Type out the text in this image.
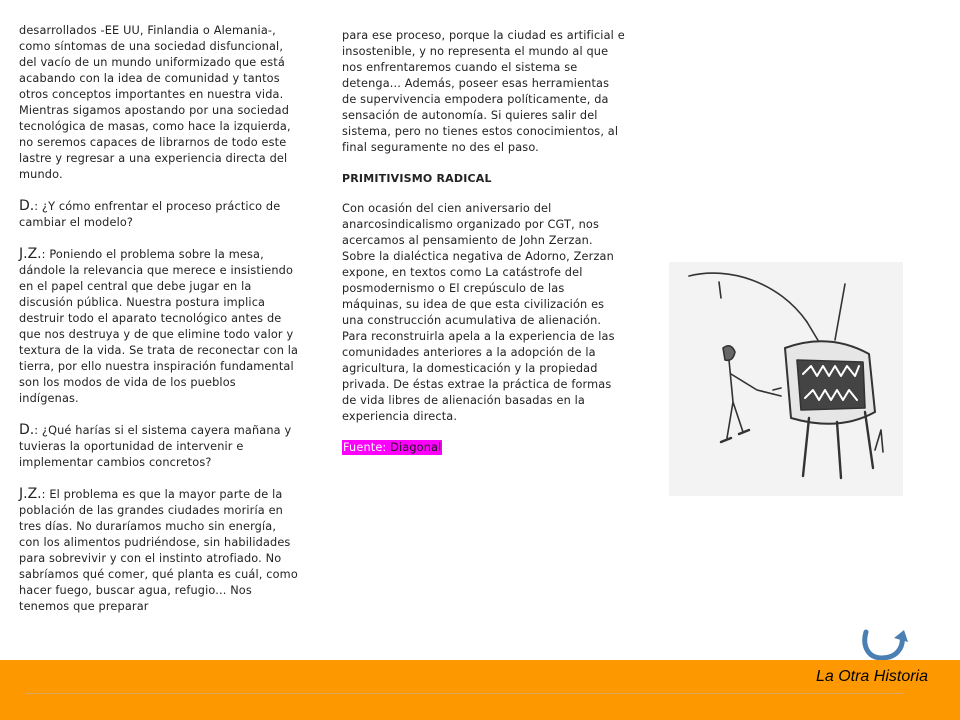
desarrollados -EE UU, Finlandia o Alemania-, como síntomas de una sociedad disfuncional, del vacío de un mundo uniformizado que está acabando con la idea de comunidad y tantos otros conceptos importantes en nuestra vida. Mientras sigamos apostando por una sociedad tecnológica de masas, como hace la izquierda, no seremos capaces de librarnos de todo este lastre y regresar a una experiencia directa del mundo.

D.: ¿Y cómo enfrentar el proceso práctico de cambiar el modelo?

J.Z.: Poniendo el problema sobre la mesa, dándole la relevancia que merece e insistiendo en el papel central que debe jugar en la discusión pública. Nuestra postura implica destruir todo el aparato tecnológico antes de que nos destruya y de que elimine todo valor y textura de la vida. Se trata de reconectar con la tierra, por ello nuestra inspiración fundamental son los modos de vida de los pueblos indígenas.

D.: ¿Qué harías si el sistema cayera mañana y tuvieras la oportunidad de intervenir e implementar cambios concretos?

J.Z.: El problema es que la mayor parte de la población de las grandes ciudades moriría en tres días. No duraríamos mucho sin energía, con los alimentos pudriéndose, sin habilidades para sobrevivir y con el instinto atrofiado. No sabríamos qué comer, qué planta es cuál, como hacer fuego, buscar agua, refugio... Nos tenemos que preparar

para ese proceso, porque la ciudad es artificial e insostenible, y no representa el mundo al que nos enfrentaremos cuando el sistema se detenga... Además, poseer esas herramientas de supervivencia empodera políticamente, da sensación de autonomía. Si quieres salir del sistema, pero no tienes estos conocimientos, al final seguramente no des el paso.

PRIMITIVISMO RADICAL

Con ocasión del cien aniversario del anarcosindicalismo organizado por CGT, nos acercamos al pensamiento de John Zerzan. Sobre la dialéctica negativa de Adorno, Zerzan expone, en textos como La catástrofe del posmodernismo o El crepúsculo de las máquinas, su idea de que esta civilización es una construcción acumulativa de alienación. Para reconstruirla apela a la experiencia de las comunidades anteriores a la adopción de la agricultura, la domesticación y la propiedad privada. De éstas extrae la práctica de formas de vida libres de alienación basadas en la experiencia directa.

Fuente: Diagonal

La Otra Historia
